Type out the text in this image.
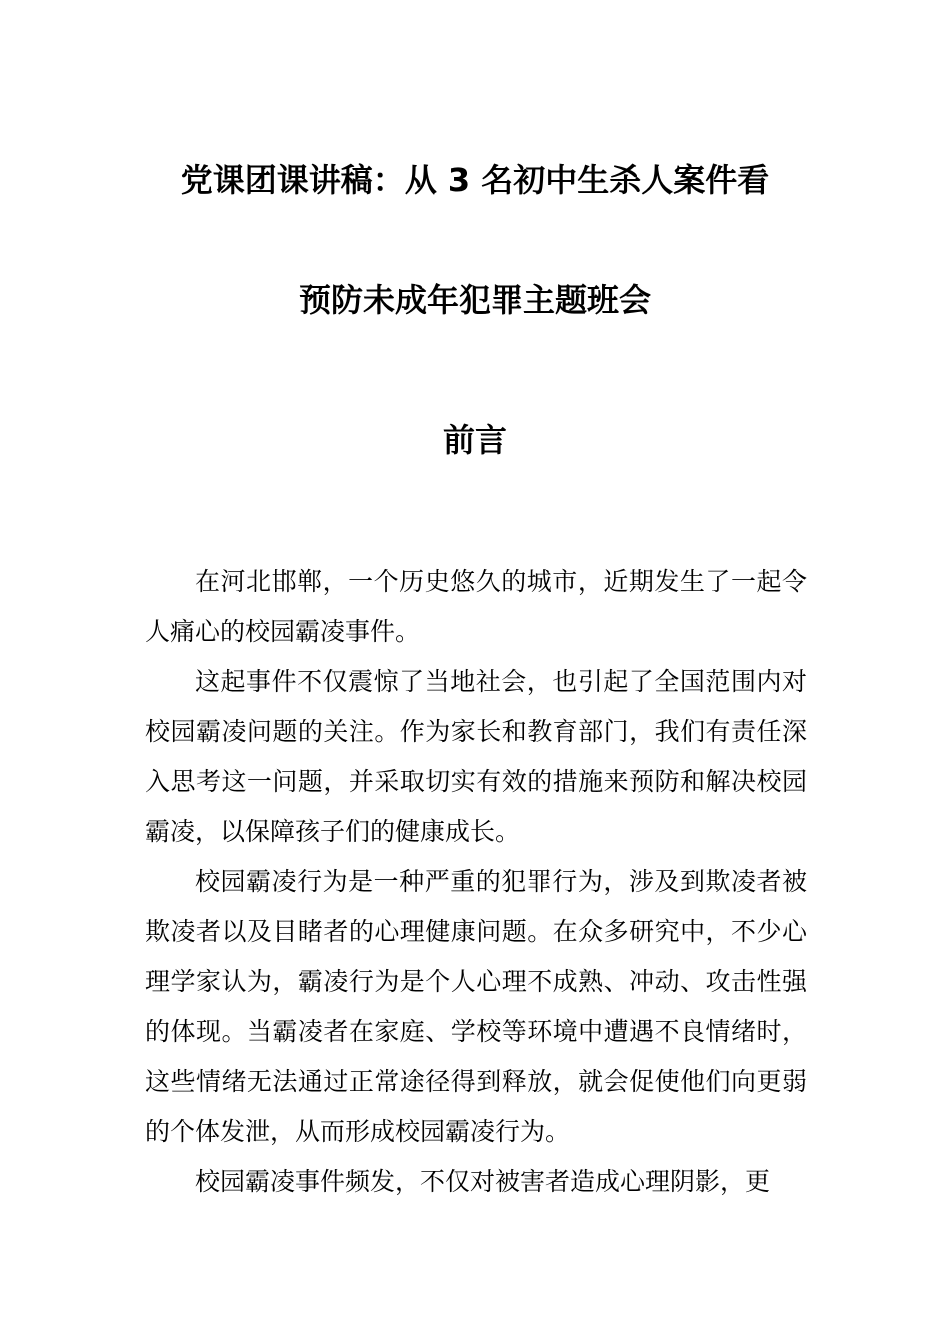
党课团课讲稿：从 3 名初中生杀人案件看
预防未成年犯罪主题班会
前言

在河北邯郸，一个历史悠久的城市，近期发生了一起令人痛心的校园霸凌事件。

这起事件不仅震惊了当地社会，也引起了全国范围内对校园霸凌问题的关注。作为家长和教育部门，我们有责任深入思考这一问题，并采取切实有效的措施来预防和解决校园霸凌，以保障孩子们的健康成长。

校园霸凌行为是一种严重的犯罪行为，涉及到欺凌者被欺凌者以及目睹者的心理健康问题。在众多研究中，不少心理学家认为，霸凌行为是个人心理不成熟、冲动、攻击性强的体现。当霸凌者在家庭、学校等环境中遭遇不良情绪时，这些情绪无法通过正常途径得到释放，就会促使他们向更弱的个体发泄，从而形成校园霸凌行为。

校园霸凌事件频发，不仅对被害者造成心理阴影，更
